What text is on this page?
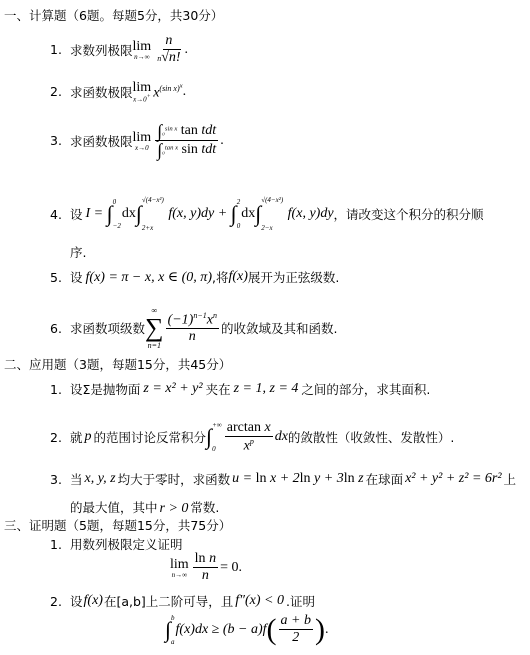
一、计算题（6题。每题5分，共30分）
1. 求数列极限 lim
$n\to\infty \frac{n}{n√n!}$ .
2. 求函数极限 lim
x→0+ $x^{(sin x)^x}$ .
3. 求函数极限 lim
$x\to 0 \frac{\int_0^{sin x} \tan tdt}{\int_0^{tan x} \sin tdt}$ .
4. 设 I = ∫ 0
−2
dx∫
√(4−x²)
2+x
f(x, y)dy + ∫ 2
0
dx∫
√(4−x²)
2−x
f(x, y)dy ，请改变这个积分的积分顺
序.
5. 设 f(x) = π − x, x ∈ (0, π) ,将 f(x) 展开为正弦级数.
6. 求函数项级数
∞
∑
n=1
$\frac{(-1)^{n-1}x^n}{n}$ 的收敛域及其和函数.
二、应用题（3题，每题15分，共45分）
1. 设Σ是抛物面 z = x² + y² 夹在 z = 1, z = 4 之间的部分，求其面积.
2. 就 p 的范围讨论反常积分 ∫ +∞
$0 \frac{\text{arctan x}}{x^p}$ dx 的敛散性（收敛性、发散性）.
3. 当 x, y, z 均大于零时，求函数 u = ln x + 2ln y + 3ln z 在球面 x² + y² + z² = 6r² 上
的最大值，其中 r > 0 常数.
三、证明题（5题，每题15分，共75分）
1. 用数列极限定义证明
lim
$n\to\infty \frac{\text{ln n}}{n} = 0$.
2. 设 f(x) 在[a,b]上二阶可导，且 f″(x) < 0 .证明
∫ b
a
f(x)dx ≥ (b − a)f ( $\frac{a + b}{2}$ ) .
